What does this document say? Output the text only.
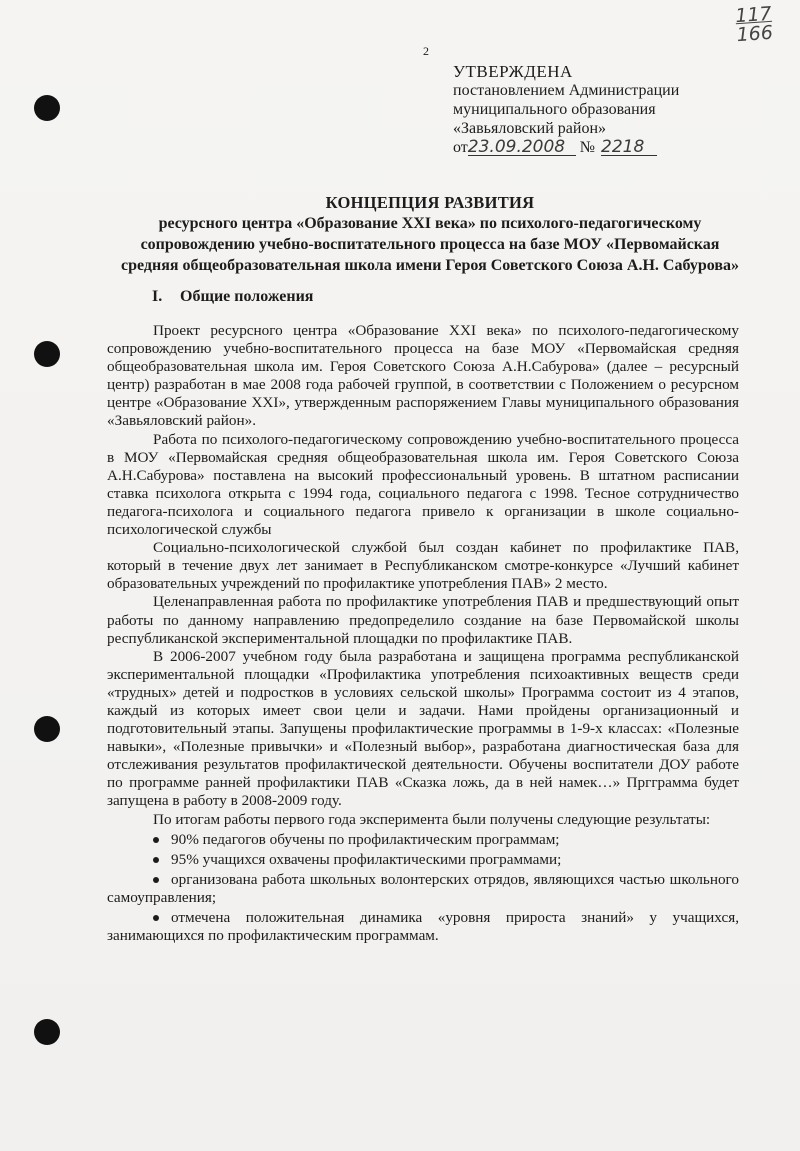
117
166
2
УТВЕРЖДЕНА
постановлением Администрации
муниципального образования
«Завьяловский район»
от23.09.2008 № 2218
КОНЦЕПЦИЯ РАЗВИТИЯ
ресурсного центра «Образование XXI века» по психолого-педагогическому
сопровождению учебно-воспитательного процесса на базе МОУ «Первомайская
средняя общеобразовательная школа имени Героя Советского Союза А.Н. Сабурова»
I. Общие положения

Проект ресурсного центра «Образование XXI века» по психолого-педагогическому сопровождению учебно-воспитательного процесса на базе МОУ «Первомайская средняя общеобразовательная школа им. Героя Советского Союза А.Н.Сабурова» (далее – ресурсный центр) разработан в мае 2008 года рабочей группой, в соответствии с Положением о ресурсном центре «Образование XXI», утвержденным распоряжением Главы муниципального образования «Завьяловский район».

Работа по психолого-педагогическому сопровождению учебно-воспитательного процесса в МОУ «Первомайская средняя общеобразовательная школа им. Героя Советского Союза А.Н.Сабурова» поставлена на высокий профессиональный уровень. В штатном расписании ставка психолога открыта с 1994 года, социального педагога с 1998. Тесное сотрудничество педагога-психолога и социального педагога привело к организации в школе социально-психологической службы

Социально-психологической службой был создан кабинет по профилактике ПАВ, который в течение двух лет занимает в Республиканском смотре-конкурсе «Лучший кабинет образовательных учреждений по профилактике употребления ПАВ» 2 место.

Целенаправленная работа по профилактике употребления ПАВ и предшествующий опыт работы по данному направлению предопределило создание на базе Первомайской школы республиканской экспериментальной площадки по профилактике ПАВ.

В 2006-2007 учебном году была разработана и защищена программа республиканской экспериментальной площадки «Профилактика употребления психоактивных веществ среди «трудных» детей и подростков в условиях сельской школы» Программа состоит из 4 этапов, каждый из которых имеет свои цели и задачи. Нами пройдены организационный и подготовительный этапы. Запущены профилактические программы в 1-9-х классах: «Полезные навыки», «Полезные привычки» и «Полезный выбор», разработана диагностическая база для отслеживания результатов профилактической деятельности. Обучены воспитатели ДОУ работе по программе ранней профилактики ПАВ «Сказка ложь, да в ней намек…» Пргграмма будет запущена в работу в 2008-2009 году.

По итогам работы первого года эксперимента были получены следующие результаты:

90% педагогов обучены по профилактическим программам;
95% учащихся охвачены профилактическими программами;
организована работа школьных волонтерских отрядов, являющихся частью школьного самоуправления;
отмечена положительная динамика «уровня прироста знаний» у учащихся, занимающихся по профилактическим программам.
